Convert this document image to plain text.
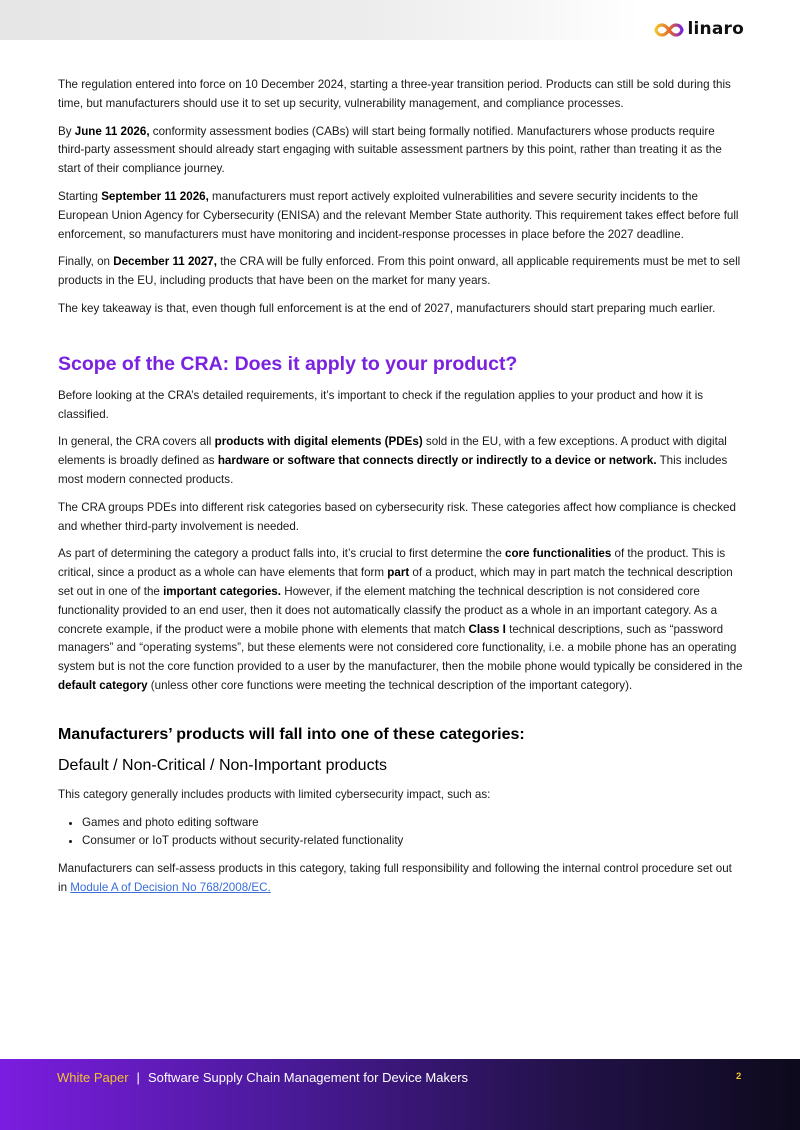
linaro

The regulation entered into force on 10 December 2024, starting a three-year transition period. Products can still be sold during this time, but manufacturers should use it to set up security, vulnerability management, and compliance processes.

By June 11 2026, conformity assessment bodies (CABs) will start being formally notified. Manufacturers whose products require third-party assessment should already start engaging with suitable assessment partners by this point, rather than treating it as the start of their compliance journey.

Starting September 11 2026, manufacturers must report actively exploited vulnerabilities and severe security incidents to the European Union Agency for Cybersecurity (ENISA) and the relevant Member State authority. This requirement takes effect before full enforcement, so manufacturers must have monitoring and incident-response processes in place before the 2027 deadline.

Finally, on December 11 2027, the CRA will be fully enforced. From this point onward, all applicable requirements must be met to sell products in the EU, including products that have been on the market for many years.

The key takeaway is that, even though full enforcement is at the end of 2027, manufacturers should start preparing much earlier.

Scope of the CRA: Does it apply to your product?

Before looking at the CRA’s detailed requirements, it’s important to check if the regulation applies to your product and how it is classified.

In general, the CRA covers all products with digital elements (PDEs) sold in the EU, with a few exceptions. A product with digital elements is broadly defined as hardware or software that connects directly or indirectly to a device or network. This includes most modern connected products.

The CRA groups PDEs into different risk categories based on cybersecurity risk. These categories affect how compliance is checked and whether third-party involvement is needed.

As part of determining the category a product falls into, it’s crucial to first determine the core functionalities of the product. This is critical, since a product as a whole can have elements that form part of a product, which may in part match the technical description set out in one of the important categories. However, if the element matching the technical description is not considered core functionality provided to an end user, then it does not automatically classify the product as a whole in an important category. As a concrete example, if the product were a mobile phone with elements that match Class I technical descriptions, such as “password managers” and “operating systems”, but these elements were not considered core functionality, i.e. a mobile phone has an operating system but is not the core function provided to a user by the manufacturer, then the mobile phone would typically be considered in the default category (unless other core functions were meeting the technical description of the important category).

Manufacturers’ products will fall into one of these categories:
Default / Non-Critical / Non-Important products

This category generally includes products with limited cybersecurity impact, such as:

• Games and photo editing software
• Consumer or IoT products without security-related functionality

Manufacturers can self-assess products in this category, taking full responsibility and following the internal control procedure set out in Module A of Decision No 768/2008/EC.

White Paper | Software Supply Chain Management for Device Makers	2
